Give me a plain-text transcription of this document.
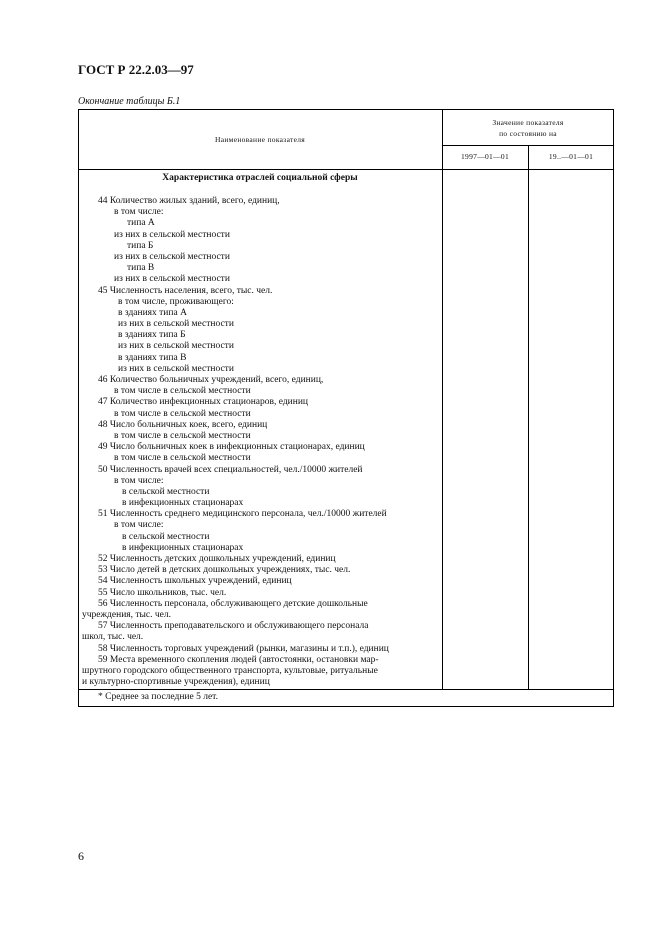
ГОСТ Р 22.2.03—97
Окончание таблицы Б.1
Наименование показателя
Значение показателя
по состоянию на
1997—01—01	19..—01—01
Характеристика отраслей социальной сферы
44 Количество жилых зданий, всего, единиц,
в том числе:
типа А
из них в сельской местности
типа Б
из них в сельской местности
типа В
из них в сельской местности
45 Численность населения, всего, тыс. чел.
в том числе, проживающего:
в зданиях типа А
из них в сельской местности
в зданиях типа Б
из них в сельской местности
в зданиях типа В
из них в сельской местности
46 Количество больничных учреждений, всего, единиц,
в том числе в сельской местности
47 Количество инфекционных стационаров, единиц
в том числе в сельской местности
48 Число больничных коек, всего, единиц
в том числе в сельской местности
49 Число больничных коек в инфекционных стационарах, единиц
в том числе в сельской местности
50 Численность врачей всех специальностей, чел./10000 жителей
в том числе:
в сельской местности
в инфекционных стационарах
51 Численность среднего медицинского персонала, чел./10000 жителей
в том числе:
в сельской местности
в инфекционных стационарах
52 Численность детских дошкольных учреждений, единиц
53 Число детей в детских дошкольных учреждениях, тыс. чел.
54 Численность школьных учреждений, единиц
55 Число школьников, тыс. чел.
56 Численность персонала, обслуживающего детские дошкольные
учреждения, тыс. чел.
57 Численность преподавательского и обслуживающего персонала
школ, тыс. чел.
58 Численность торговых учреждений (рынки, магазины и т.п.), единиц
59 Места временного скопления людей (автостоянки, остановки мар-
шрутного городского общественного транспорта, культовые, ритуальные
и культурно-спортивные учреждения), единиц
* Среднее за последние 5 лет.
6
